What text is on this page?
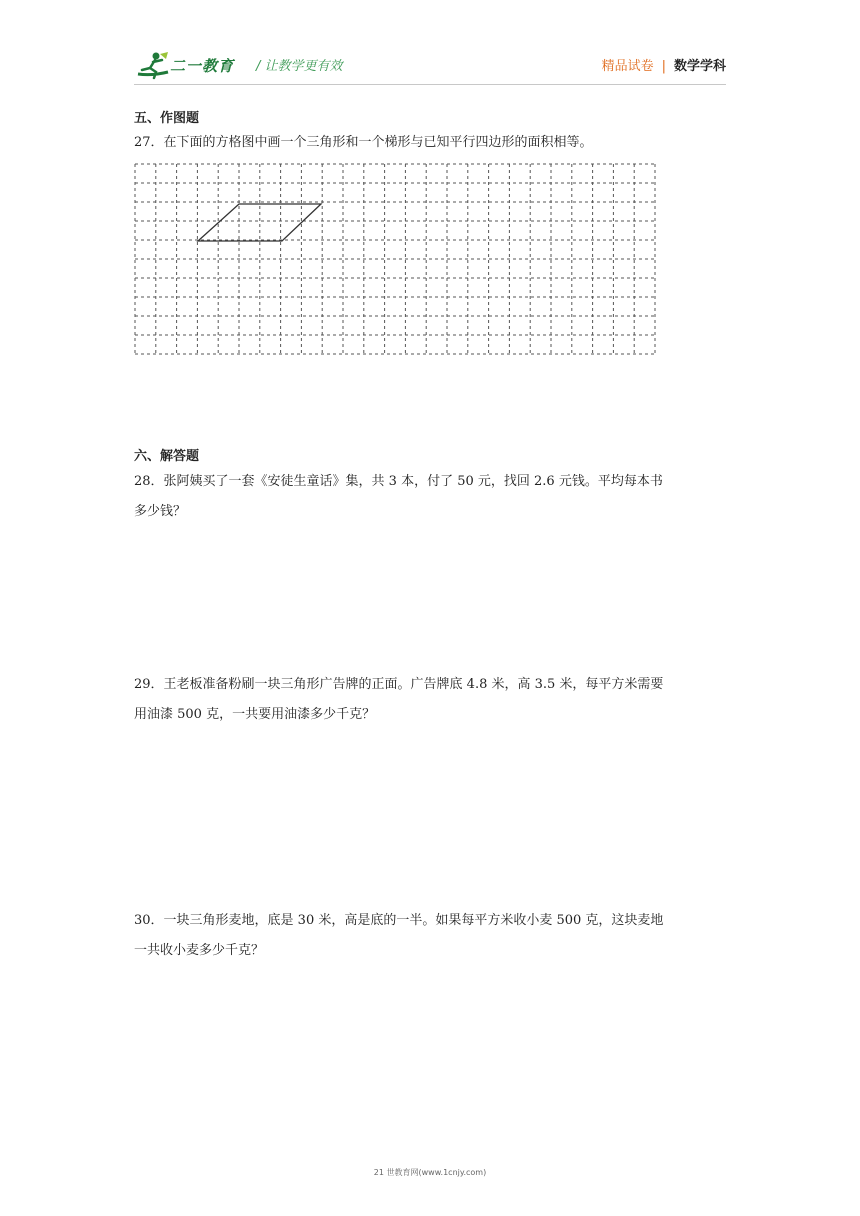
二一教育 / 让教学更有效	精品试卷 | 数学学科
五、作图题
27．在下面的方格图中画一个三角形和一个梯形与已知平行四边形的面积相等。
六、解答题
28．张阿姨买了一套《安徒生童话》集，共 3 本，付了 50 元，找回 2.6 元钱。平均每本书
多少钱？
29．王老板准备粉刷一块三角形广告牌的正面。广告牌底 4.8 米，高 3.5 米，每平方米需要
用油漆 500 克，一共要用油漆多少千克？
30．一块三角形麦地，底是 30 米，高是底的一半。如果每平方米收小麦 500 克，这块麦地
一共收小麦多少千克？
21 世教育网(www.1cnjy.com)
